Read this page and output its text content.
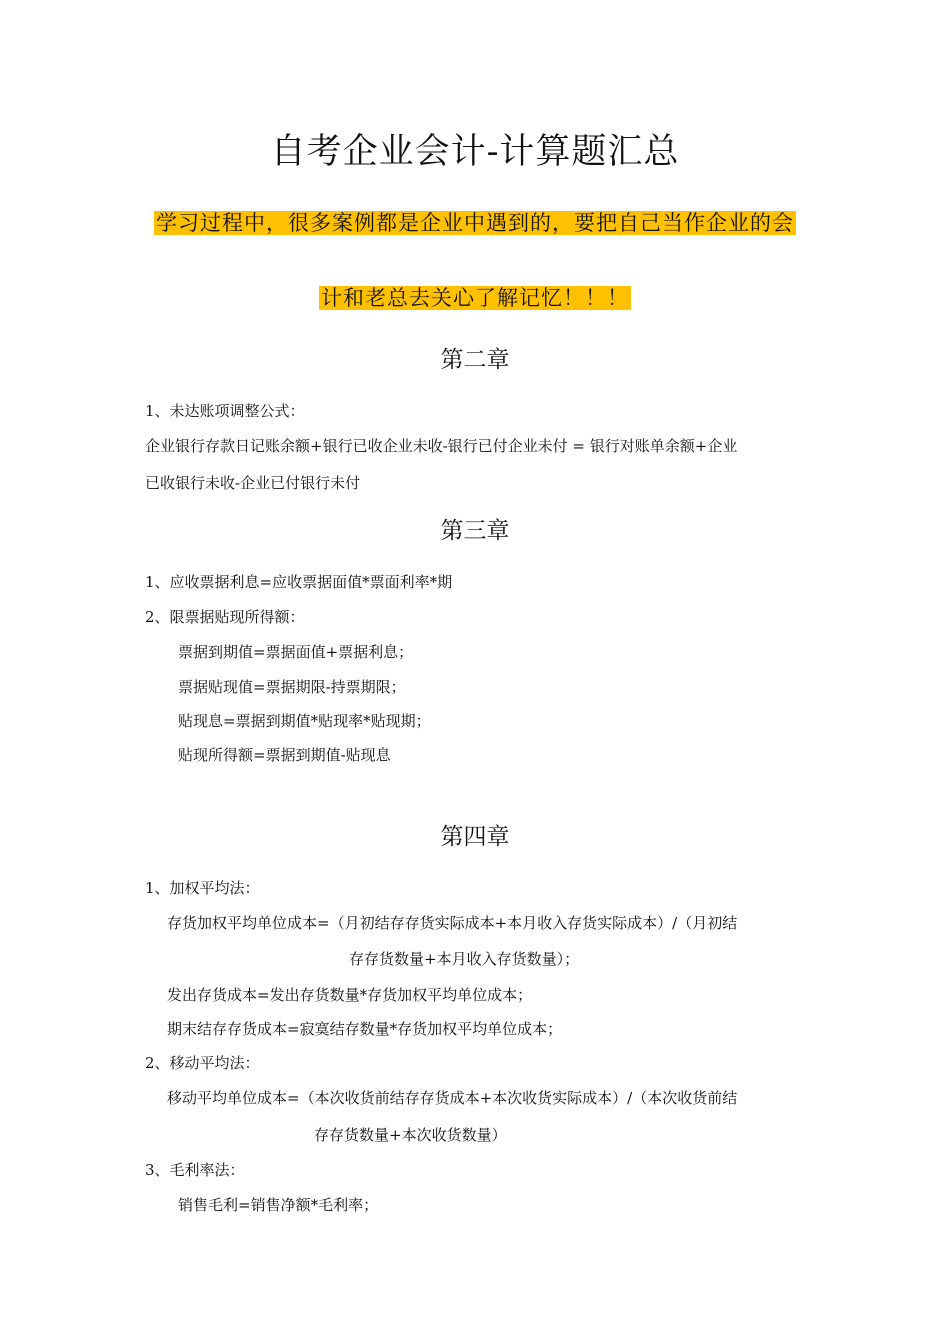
自考企业会计-计算题汇总
学习过程中，很多案例都是企业中遇到的，要把自己当作企业的会
计和老总去关心了解记忆！！！
第二章
1、未达账项调整公式：
企业银行存款日记账余额+银行已收企业未收-银行已付企业未付 = 银行对账单余额+企业
已收银行未收-企业已付银行未付
第三章
1、应收票据利息=应收票据面值*票面利率*期
2、限票据贴现所得额：
票据到期值=票据面值+票据利息；
票据贴现值=票据期限-持票期限；
贴现息=票据到期值*贴现率*贴现期；
贴现所得额=票据到期值-贴现息
第四章
1、加权平均法：
存货加权平均单位成本=（月初结存存货实际成本+本月收入存货实际成本）/（月初结
存存货数量+本月收入存货数量）；
发出存货成本=发出存货数量*存货加权平均单位成本；
期末结存存货成本=寂寞结存数量*存货加权平均单位成本；
2、移动平均法：
移动平均单位成本=（本次收货前结存存货成本+本次收货实际成本）/（本次收货前结
存存货数量+本次收货数量）
3、毛利率法：
销售毛利=销售净额*毛利率；
